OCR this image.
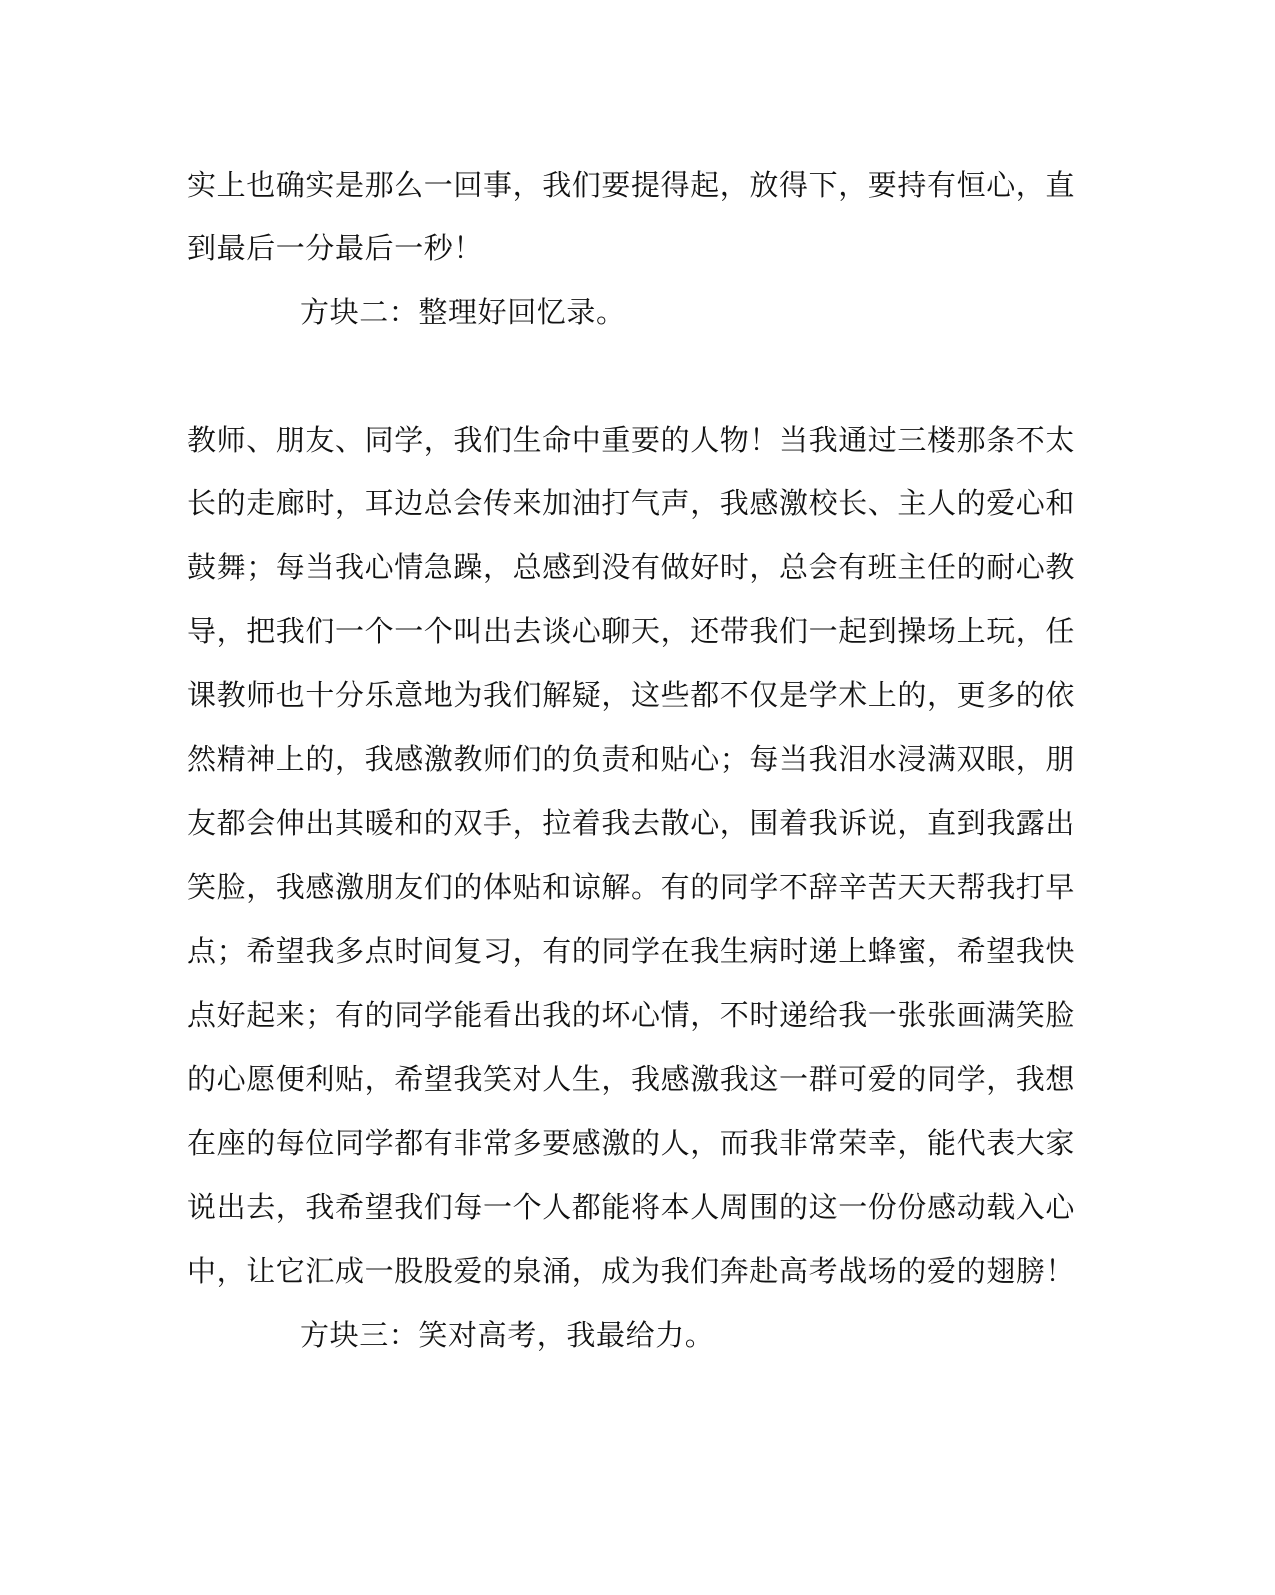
实上也确实是那么一回事，我们要提得起，放得下，要持有恒心，直
到最后一分最后一秒！
方块二：整理好回忆录。
教师、朋友、同学，我们生命中重要的人物！当我通过三楼那条不太
长的走廊时，耳边总会传来加油打气声，我感激校长、主人的爱心和
鼓舞；每当我心情急躁，总感到没有做好时，总会有班主任的耐心教
导，把我们一个一个叫出去谈心聊天，还带我们一起到操场上玩，任
课教师也十分乐意地为我们解疑，这些都不仅是学术上的，更多的依
然精神上的，我感激教师们的负责和贴心；每当我泪水浸满双眼，朋
友都会伸出其暖和的双手，拉着我去散心，围着我诉说，直到我露出
笑脸，我感激朋友们的体贴和谅解。有的同学不辞辛苦天天帮我打早
点；希望我多点时间复习，有的同学在我生病时递上蜂蜜，希望我快
点好起来；有的同学能看出我的坏心情，不时递给我一张张画满笑脸
的心愿便利贴，希望我笑对人生，我感激我这一群可爱的同学，我想
在座的每位同学都有非常多要感激的人，而我非常荣幸，能代表大家
说出去，我希望我们每一个人都能将本人周围的这一份份感动载入心
中，让它汇成一股股爱的泉涌，成为我们奔赴高考战场的爱的翅膀！
方块三：笑对高考，我最给力。
